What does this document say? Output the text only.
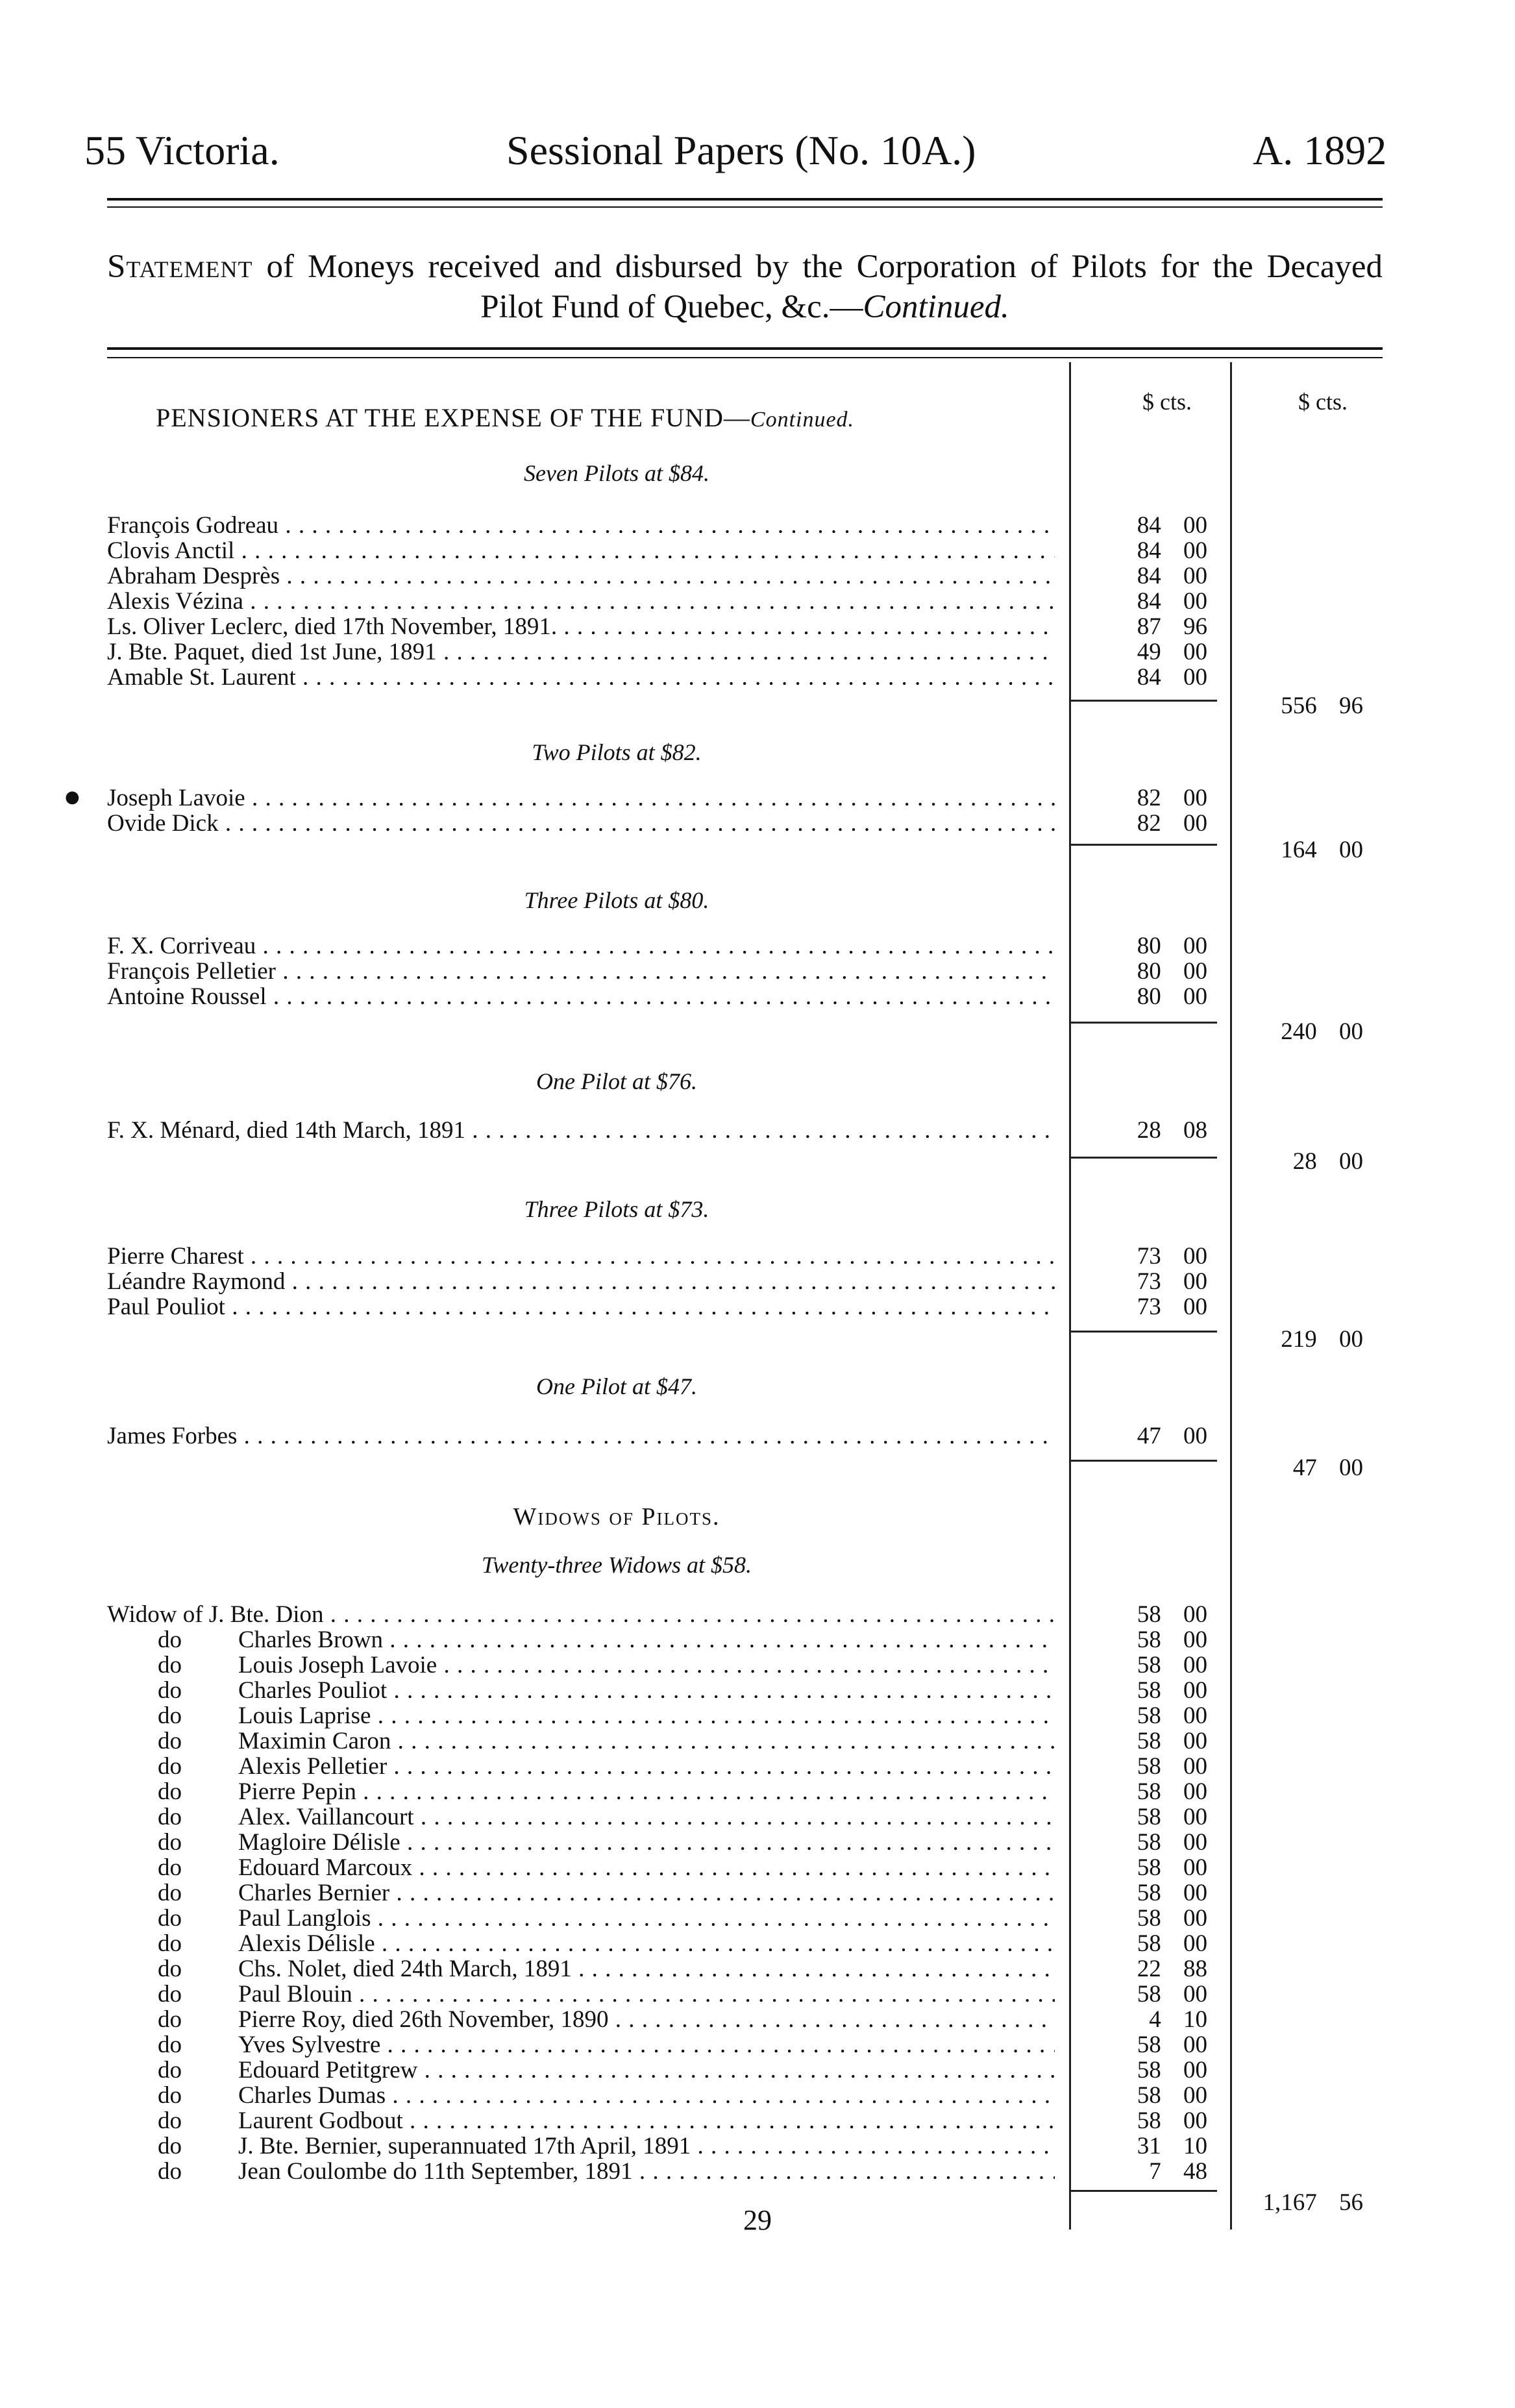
55 Victoria.	Sessional Papers (No. 10A.)	A. 1892
Statement of Moneys received and disbursed by the Corporation of Pilots for the Decayed Pilot Fund of Quebec, &c.—Continued.
$ cts.	$ cts.
PENSIONERS AT THE EXPENSE OF THE FUND—Continued.
Seven Pilots at $84.
François Godreau . . .	84 00
Clovis Anctil . . .	84 00
Abraham Desprès . . .	84 00
Alexis Vézina . . .	84 00
Ls. Oliver Leclerc, died 17th November, 1891. . . .	87 96
J. Bte. Paquet, died 1st June, 1891 . . .	49 00
Amable St. Laurent . . .	84 00
556 96
Two Pilots at $82.
● Joseph Lavoie . . .	82 00
Ovide Dick . . .	82 00
164 00
Three Pilots at $80.
F. X. Corriveau . . .	80 00
François Pelletier . . .	80 00
Antoine Roussel . . .	80 00
240 00
One Pilot at $76.
F. X. Ménard, died 14th March, 1891 . . .	28 08
28 00
Three Pilots at $73.
Pierre Charest . . .	73 00
Léandre Raymond . . .	73 00
Paul Pouliot . . .	73 00
219 00
One Pilot at $47.
James Forbes . . .	47 00
47 00
Widows of Pilots.
Twenty-three Widows at $58.
Widow of J. Bte. Dion . . .	58 00
do Charles Brown . . .	58 00
do Louis Joseph Lavoie . . .	58 00
do Charles Pouliot . . .	58 00
do Louis Laprise . . .	58 00
do Maximin Caron . . .	58 00
do Alexis Pelletier . . .	58 00
do Pierre Pepin . . .	58 00
do Alex. Vaillancourt . . .	58 00
do Magloire Délisle . . .	58 00
do Edouard Marcoux . . .	58 00
do Charles Bernier . . .	58 00
do Paul Langlois . . .	58 00
do Alexis Délisle . . .	58 00
do Chs. Nolet, died 24th March, 1891 . . .	22 88
do Paul Blouin . . .	58 00
do Pierre Roy, died 26th November, 1890 . . .	4 10
do Yves Sylvestre . . .	58 00
do Edouard Petitgrew . . .	58 00
do Charles Dumas . . .	58 00
do Laurent Godbout . . .	58 00
do J. Bte. Bernier, superannuated 17th April, 1891 . . .	31 10
do Jean Coulombe do 11th September, 1891 . . .	7 48
1,167 56
29
